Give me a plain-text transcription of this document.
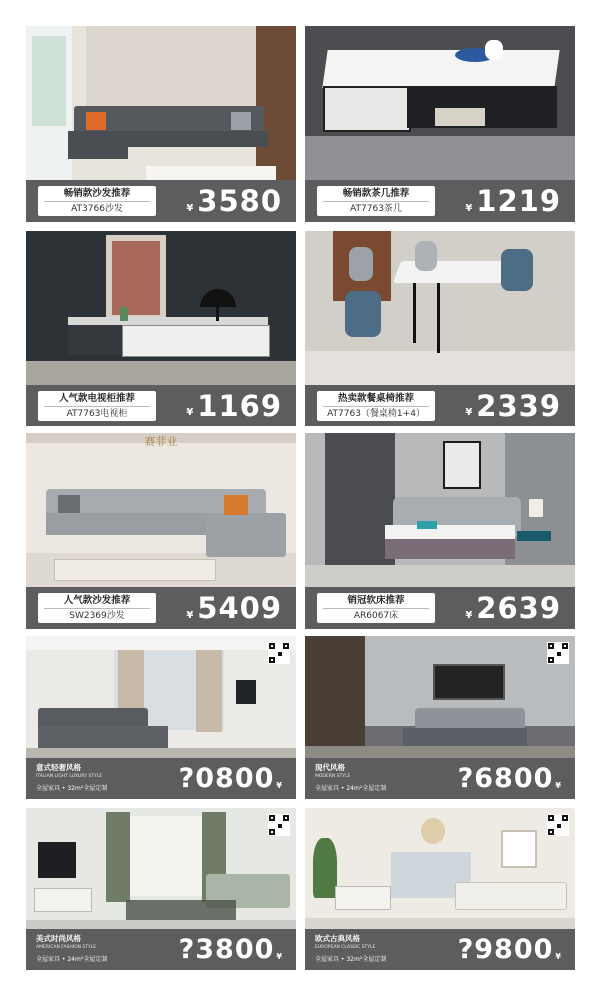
畅销款沙发推荐
AT3766沙发	¥ 3580	畅销款茶几推荐
AT7763茶几	¥ 1219
人气款电视柜推荐
AT7763电视柜	¥ 1169	热卖款餐桌椅推荐
AT7763（餐桌椅1+4）	¥ 2339
赛菲业
人气款沙发推荐
SW2369沙发	¥ 5409	销冠软床推荐
AR6067床	¥ 2639
意式轻奢风格
ITALIAN LIGHT LUXURY STYLE
全屋家具 • 32m²全屋定制	¥
?0800	现代风格
MODERN STYLE
全屋家具 • 24m²全屋定制	¥
?6800
美式时尚风格
AMERICAN FASHION STYLE
全屋家具 • 24m²全屋定制	¥
?3800	欧式古典风格
EUROPEAN CLASSIC STYLE
全屋家具 • 32m²全屋定制	¥
?9800
